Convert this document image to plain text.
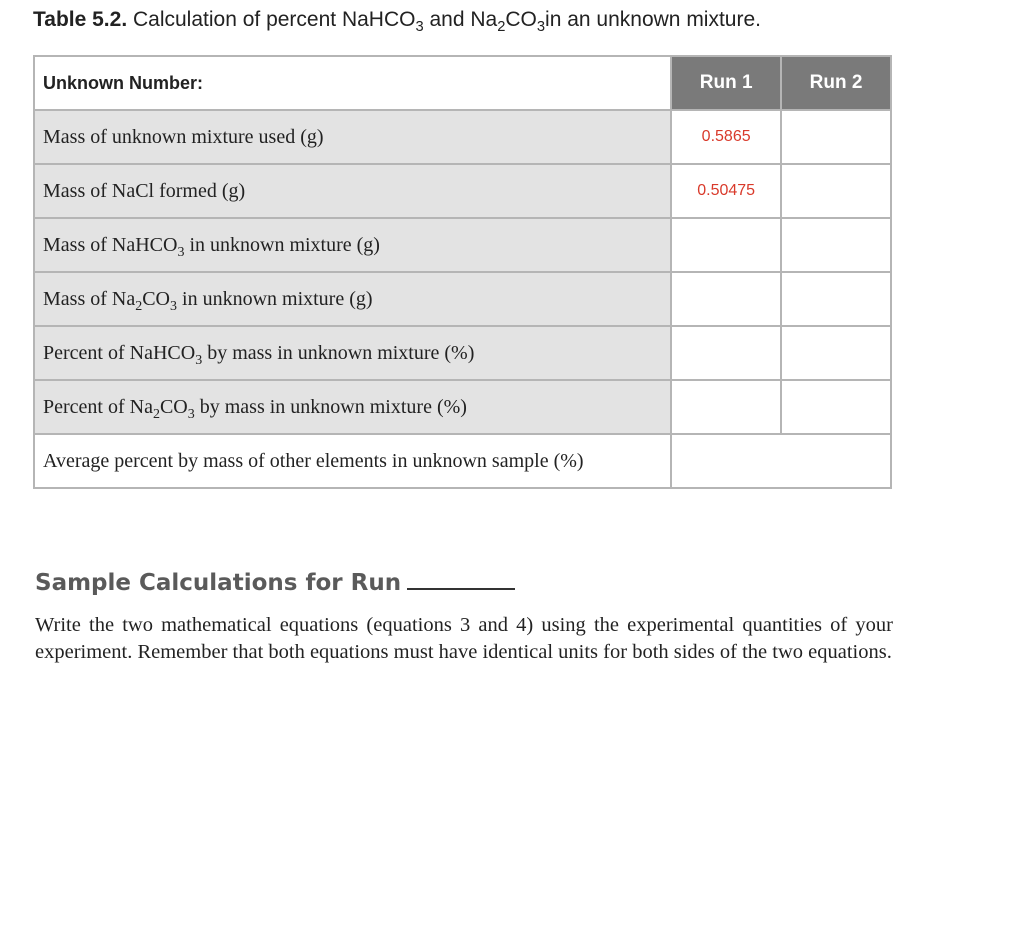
Table 5.2. Calculation of percent NaHCO$_3$ and $Na_2CO_3in$ an unknown mixture.
Unknown Number:	Run 1	Run 2
Mass of unknown mixture used (g)	0.5865	
Mass of NaCl formed (g)	0.50475	
Mass of NaHCO$_3$ in unknown mixture (g)		
Mass of $Na_2CO_3$ in unknown mixture (g)		
Percent of NaHCO$_3$ by mass in unknown mixture (%)		
Percent of $Na_2CO_3$ by mass in unknown mixture (%)		
Average percent by mass of other elements in unknown sample (%)		
Sample Calculations for Run
Write the two mathematical equations (equations 3 and 4) using the experimental quantities of your experiment. Remember that both equations must have identical units for both sides of the two equations.
